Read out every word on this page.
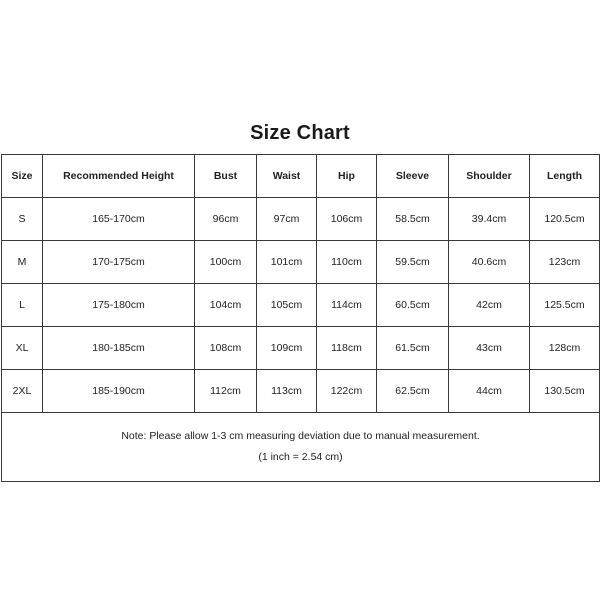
Size Chart
Size	Recommended Height	Bust	Waist	Hip	Sleeve	Shoulder	Length
S	165-170cm	96cm	97cm	106cm	58.5cm	39.4cm	120.5cm
M	170-175cm	100cm	101cm	110cm	59.5cm	40.6cm	123cm
L	175-180cm	104cm	105cm	114cm	60.5cm	42cm	125.5cm
XL	180-185cm	108cm	109cm	118cm	61.5cm	43cm	128cm
2XL	185-190cm	112cm	113cm	122cm	62.5cm	44cm	130.5cm

Note: Please allow 1-3 cm measuring deviation due to manual measurement.
(1 inch = 2.54 cm)							
